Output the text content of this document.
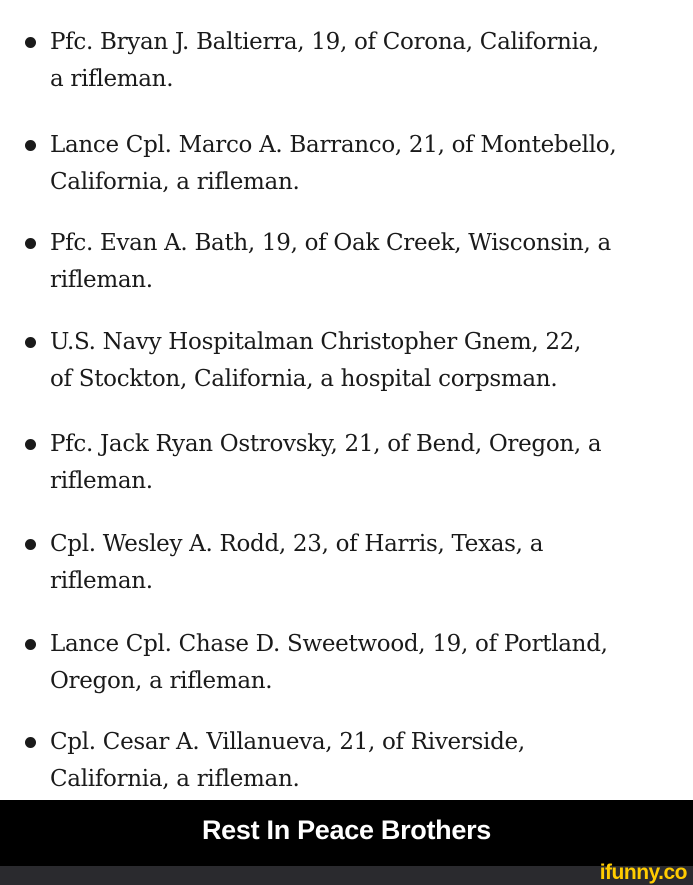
Pfc. Bryan J. Baltierra, 19, of Corona, California,
a rifleman.
Lance Cpl. Marco A. Barranco, 21, of Montebello,
California, a rifleman.
Pfc. Evan A. Bath, 19, of Oak Creek, Wisconsin, a
rifleman.
U.S. Navy Hospitalman Christopher Gnem, 22,
of Stockton, California, a hospital corpsman.
Pfc. Jack Ryan Ostrovsky, 21, of Bend, Oregon, a
rifleman.
Cpl. Wesley A. Rodd, 23, of Harris, Texas, a
rifleman.
Lance Cpl. Chase D. Sweetwood, 19, of Portland,
Oregon, a rifleman.
Cpl. Cesar A. Villanueva, 21, of Riverside,
California, a rifleman.
Rest In Peace Brothers
ifunny.co
